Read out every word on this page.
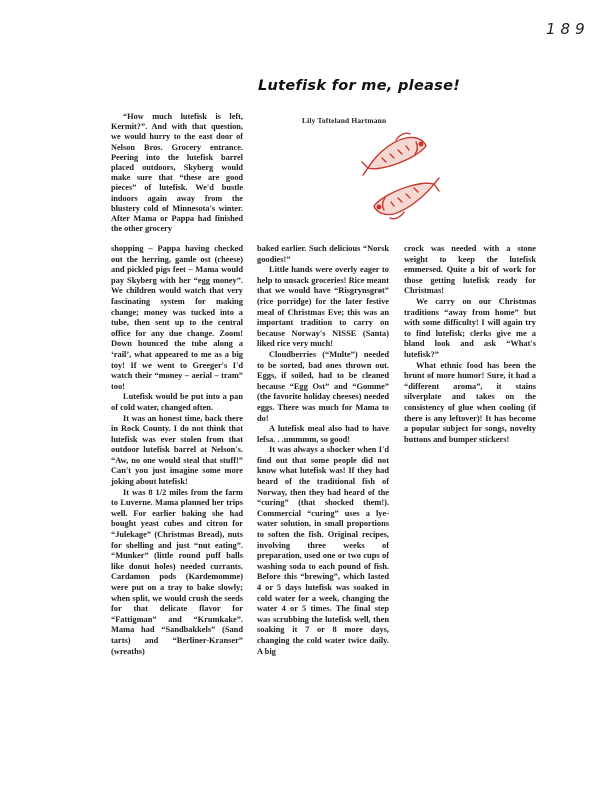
189
Lutefisk for me, please!
Lily Tofteland Hartmann

“How much lutefisk is left, Kermit?”. And with that question, we would hurry to the east door of Nelson Bros. Grocery entrance. Peering into the lutefisk barrel placed outdoors, Skyberg would make sure that “these are good pieces” of lutefisk. We'd bustle indoors again away from the blustery cold of Minnesota's winter. After Mama or Pappa had finished the other grocery

shopping – Pappa having checked out the herring, gamle ost (cheese) and pickled pigs feet – Mama would pay Skyberg with her “egg money”. We children would watch that very fascinating system for making change; money was tucked into a tube, then sent up to the central office for any due change. Zoom! Down bounced the tube along a ‘rail’, what appeared to me as a big toy! If we went to Greeger's I'd watch their “money – aerial – tram” too!

Lutefisk would be put into a pan of cold water, changed often.

It was an honest time, back there in Rock County. I do not think that lutefisk was ever stolen from that outdoor lutefisk barrel at Nelson's. “Aw, no one would steal that stuff!” Can't you just imagine some more joking about lutefisk!

It was 8 1/2 miles from the farm to Luverne. Mama planned her trips well. For earlier baking she had bought yeast cubes and citron for “Julekage” (Christmas Bread), nuts for shelling and just “nut eating”. “Munker” (little round puff balls like donut holes) needed currants. Cardamon pods (Kardemomme) were put on a tray to bake slowly; when split, we would crush the seeds for that delicate flavor for “Fattigman” and “Krumkake”. Mama had “Sandbakkels” (Sand tarts) and “Berliner-Kranser” (wreaths)

baked earlier. Such delicious “Norsk goodies!”

Little hands were overly eager to help to unsack groceries! Rice meant that we would have “Risgrynsgrøt” (rice porridge) for the later festive meal of Christmas Eve; this was an important tradition to carry on because Norway's NISSE (Santa) liked rice very much!

Cloudberries (“Multe”) needed to be sorted, bad ones thrown out. Eggs, if soiled, had to be cleaned because “Egg Ost” and “Gomme” (the favorite holiday cheeses) needed eggs. There was much for Mama to do!

A lutefisk meal also had to have lefsa. . .ummmm, so good!

It was always a shocker when I'd find out that some people did not know what lutefisk was! If they had heard of the traditional fish of Norway, then they had heard of the “curing” (that shocked them!). Commercial “curing” uses a lye-water solution, in small proportions to soften the fish. Original recipes, involving three weeks of preparation, used one or two cups of washing soda to each pound of fish. Before this “brewing”, which lasted 4 or 5 days lutefisk was soaked in cold water for a week, changing the water 4 or 5 times. The final step was scrubbing the lutefisk well, then soaking it 7 or 8 more days, changing the cold water twice daily. A big

crock was needed with a stone weight to keep the lutefisk emmersed. Quite a bit of work for those getting lutefisk ready for Christmas!

We carry on our Christmas traditions “away from home” but with some difficulty! I will again try to find lutefisk; clerks give me a bland look and ask “What's lutefisk?”

What ethnic food has been the brunt of more humor! Sure, it had a “different aroma”, it stains silverplate and takes on the consistency of glue when cooling (if there is any leftover)! It has become a popular subject for songs, novelty buttons and bumper stickers!
